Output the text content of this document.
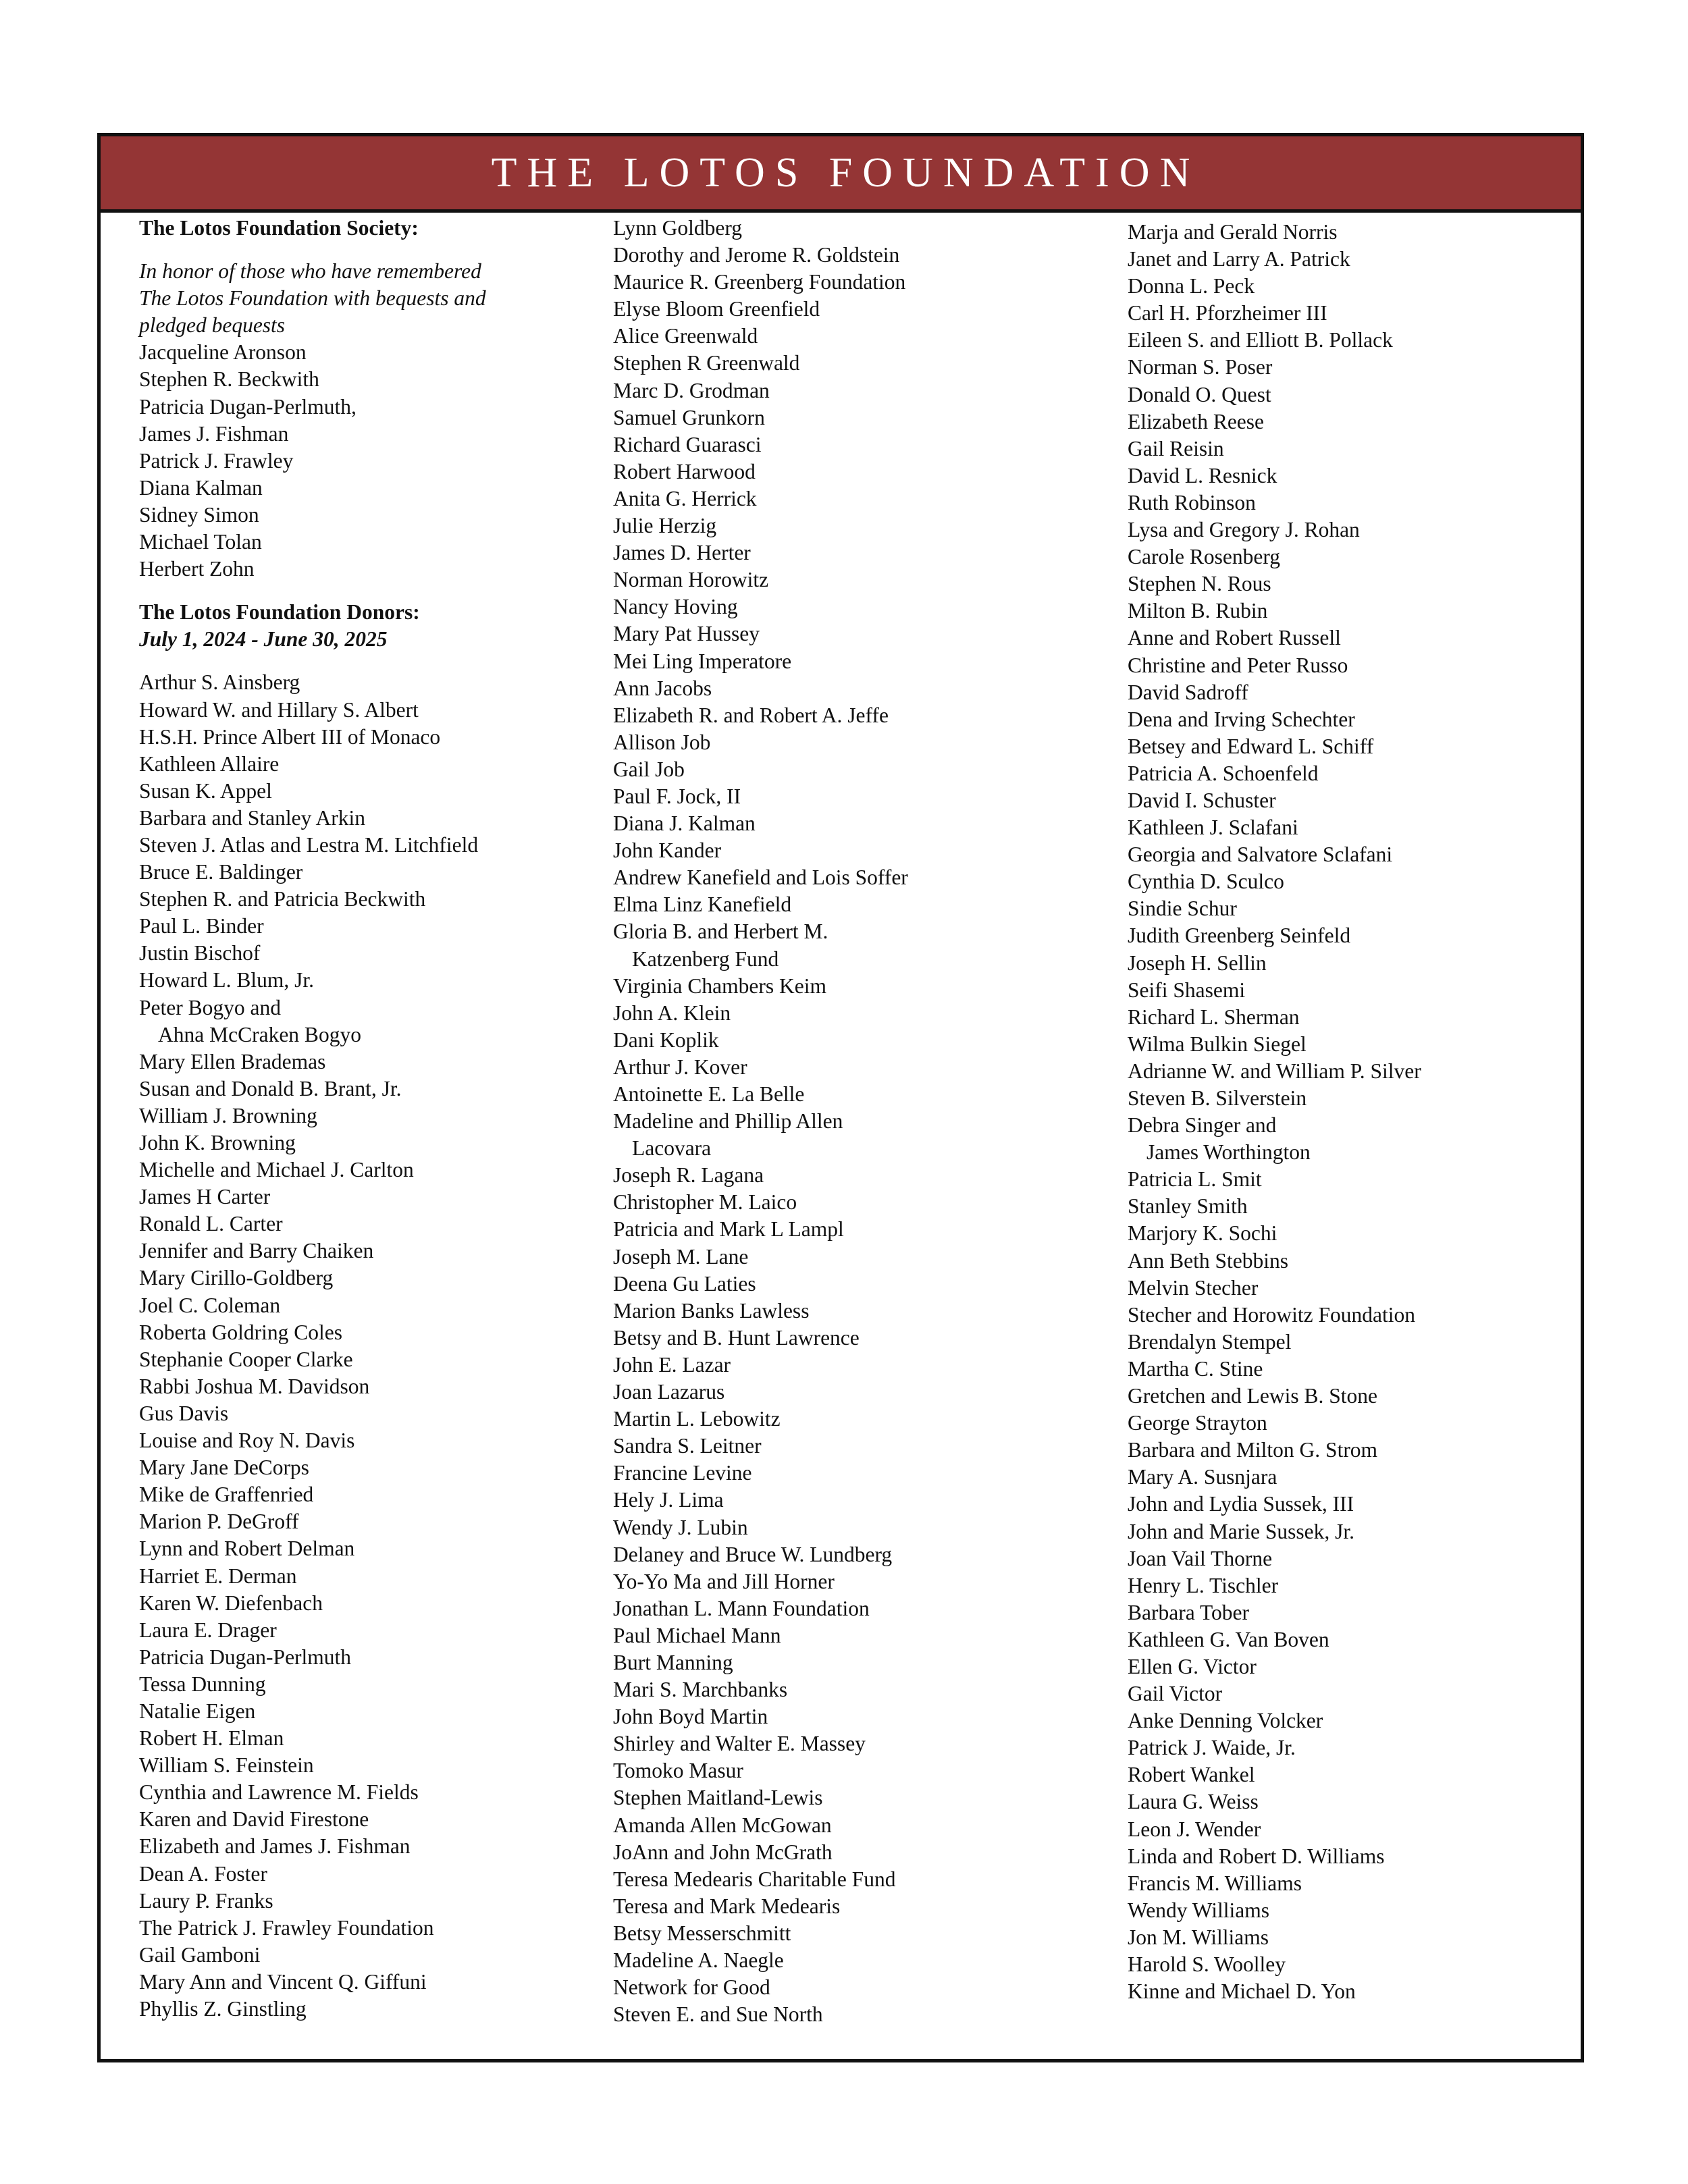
THE LOTOS FOUNDATION
The Lotos Foundation Society:
In honor of those who have remembered
The Lotos Foundation with bequests and
pledged bequests
Jacqueline Aronson
Stephen R. Beckwith
Patricia Dugan-Perlmuth,
James J. Fishman
Patrick J. Frawley
Diana Kalman
Sidney Simon
Michael Tolan
Herbert Zohn
The Lotos Foundation Donors:
July 1, 2024 - June 30, 2025
Arthur S. Ainsberg
Howard W. and Hillary S. Albert
H.S.H. Prince Albert III of Monaco
Kathleen Allaire
Susan K. Appel
Barbara and Stanley Arkin
Steven J. Atlas and Lestra M. Litchfield
Bruce E. Baldinger
Stephen R. and Patricia Beckwith
Paul L. Binder
Justin Bischof
Howard L. Blum, Jr.
Peter Bogyo and
Ahna McCraken Bogyo
Mary Ellen Brademas
Susan and Donald B. Brant, Jr.
William J. Browning
John K. Browning
Michelle and Michael J. Carlton
James H Carter
Ronald L. Carter
Jennifer and Barry Chaiken
Mary Cirillo-Goldberg
Joel C. Coleman
Roberta Goldring Coles
Stephanie Cooper Clarke
Rabbi Joshua M. Davidson
Gus Davis
Louise and Roy N. Davis
Mary Jane DeCorps
Mike de Graffenried
Marion P. DeGroff
Lynn and Robert Delman
Harriet E. Derman
Karen W. Diefenbach
Laura E. Drager
Patricia Dugan-Perlmuth
Tessa Dunning
Natalie Eigen
Robert H. Elman
William S. Feinstein
Cynthia and Lawrence M. Fields
Karen and David Firestone
Elizabeth and James J. Fishman
Dean A. Foster
Laury P. Franks
The Patrick J. Frawley Foundation
Gail Gamboni
Mary Ann and Vincent Q. Giffuni
Phyllis Z. Ginstling
Lynn Goldberg
Dorothy and Jerome R. Goldstein
Maurice R. Greenberg Foundation
Elyse Bloom Greenfield
Alice Greenwald
Stephen R Greenwald
Marc D. Grodman
Samuel Grunkorn
Richard Guarasci
Robert Harwood
Anita G. Herrick
Julie Herzig
James D. Herter
Norman Horowitz
Nancy Hoving
Mary Pat Hussey
Mei Ling Imperatore
Ann Jacobs
Elizabeth R. and Robert A. Jeffe
Allison Job
Gail Job
Paul F. Jock, II
Diana J. Kalman
John Kander
Andrew Kanefield and Lois Soffer
Elma Linz Kanefield
Gloria B. and Herbert M.
Katzenberg Fund
Virginia Chambers Keim
John A. Klein
Dani Koplik
Arthur J. Kover
Antoinette E. La Belle
Madeline and Phillip Allen
Lacovara
Joseph R. Lagana
Christopher M. Laico
Patricia and Mark L Lampl
Joseph M. Lane
Deena Gu Laties
Marion Banks Lawless
Betsy and B. Hunt Lawrence
John E. Lazar
Joan Lazarus
Martin L. Lebowitz
Sandra S. Leitner
Francine Levine
Hely J. Lima
Wendy J. Lubin
Delaney and Bruce W. Lundberg
Yo-Yo Ma and Jill Horner
Jonathan L. Mann Foundation
Paul Michael Mann
Burt Manning
Mari S. Marchbanks
John Boyd Martin
Shirley and Walter E. Massey
Tomoko Masur
Stephen Maitland-Lewis
Amanda Allen McGowan
JoAnn and John McGrath
Teresa Medearis Charitable Fund
Teresa and Mark Medearis
Betsy Messerschmitt
Madeline A. Naegle
Network for Good
Steven E. and Sue North
Marja and Gerald Norris
Janet and Larry A. Patrick
Donna L. Peck
Carl H. Pforzheimer III
Eileen S. and Elliott B. Pollack
Norman S. Poser
Donald O. Quest
Elizabeth Reese
Gail Reisin
David L. Resnick
Ruth Robinson
Lysa and Gregory J. Rohan
Carole Rosenberg
Stephen N. Rous
Milton B. Rubin
Anne and Robert Russell
Christine and Peter Russo
David Sadroff
Dena and Irving Schechter
Betsey and Edward L. Schiff
Patricia A. Schoenfeld
David I. Schuster
Kathleen J. Sclafani
Georgia and Salvatore Sclafani
Cynthia D. Sculco
Sindie Schur
Judith Greenberg Seinfeld
Joseph H. Sellin
Seifi Shasemi
Richard L. Sherman
Wilma Bulkin Siegel
Adrianne W. and William P. Silver
Steven B. Silverstein
Debra Singer and
James Worthington
Patricia L. Smit
Stanley Smith
Marjory K. Sochi
Ann Beth Stebbins
Melvin Stecher
Stecher and Horowitz Foundation
Brendalyn Stempel
Martha C. Stine
Gretchen and Lewis B. Stone
George Strayton
Barbara and Milton G. Strom
Mary A. Susnjara
John and Lydia Sussek, III
John and Marie Sussek, Jr.
Joan Vail Thorne
Henry L. Tischler
Barbara Tober
Kathleen G. Van Boven
Ellen G. Victor
Gail Victor
Anke Denning Volcker
Patrick J. Waide, Jr.
Robert Wankel
Laura G. Weiss
Leon J. Wender
Linda and Robert D. Williams
Francis M. Williams
Wendy Williams
Jon M. Williams
Harold S. Woolley
Kinne and Michael D. Yon
